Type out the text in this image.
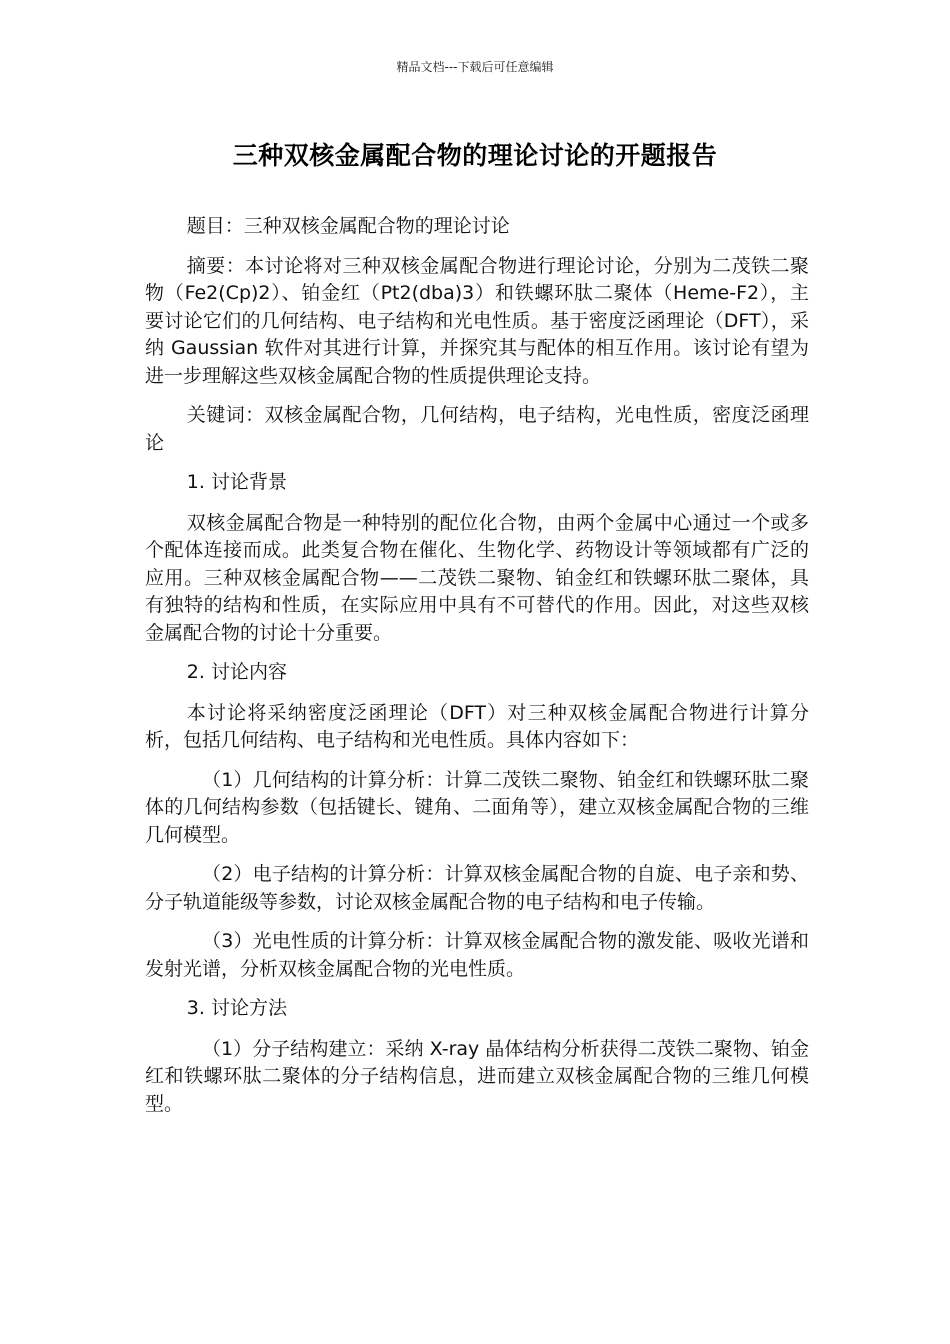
精品文档---下载后可任意编辑
三种双核金属配合物的理论讨论的开题报告

题目：三种双核金属配合物的理论讨论

摘要：本讨论将对三种双核金属配合物进行理论讨论，分别为二茂铁二聚物（Fe2(Cp)2）、铂金红（Pt2(dba)3）和铁螺环肽二聚体（Heme-F2），主要讨论它们的几何结构、电子结构和光电性质。基于密度泛函理论（DFT），采纳 Gaussian 软件对其进行计算，并探究其与配体的相互作用。该讨论有望为进一步理解这些双核金属配合物的性质提供理论支持。

关键词：双核金属配合物，几何结构，电子结构，光电性质，密度泛函理论

1. 讨论背景

双核金属配合物是一种特别的配位化合物，由两个金属中心通过一个或多个配体连接而成。此类复合物在催化、生物化学、药物设计等领域都有广泛的应用。三种双核金属配合物——二茂铁二聚物、铂金红和铁螺环肽二聚体，具有独特的结构和性质，在实际应用中具有不可替代的作用。因此，对这些双核金属配合物的讨论十分重要。

2. 讨论内容

本讨论将采纳密度泛函理论（DFT）对三种双核金属配合物进行计算分析，包括几何结构、电子结构和光电性质。具体内容如下：

（1）几何结构的计算分析：计算二茂铁二聚物、铂金红和铁螺环肽二聚体的几何结构参数（包括键长、键角、二面角等），建立双核金属配合物的三维几何模型。

（2）电子结构的计算分析：计算双核金属配合物的自旋、电子亲和势、分子轨道能级等参数，讨论双核金属配合物的电子结构和电子传输。

（3）光电性质的计算分析：计算双核金属配合物的激发能、吸收光谱和发射光谱，分析双核金属配合物的光电性质。

3. 讨论方法

（1）分子结构建立：采纳 X-ray 晶体结构分析获得二茂铁二聚物、铂金红和铁螺环肽二聚体的分子结构信息，进而建立双核金属配合物的三维几何模型。
